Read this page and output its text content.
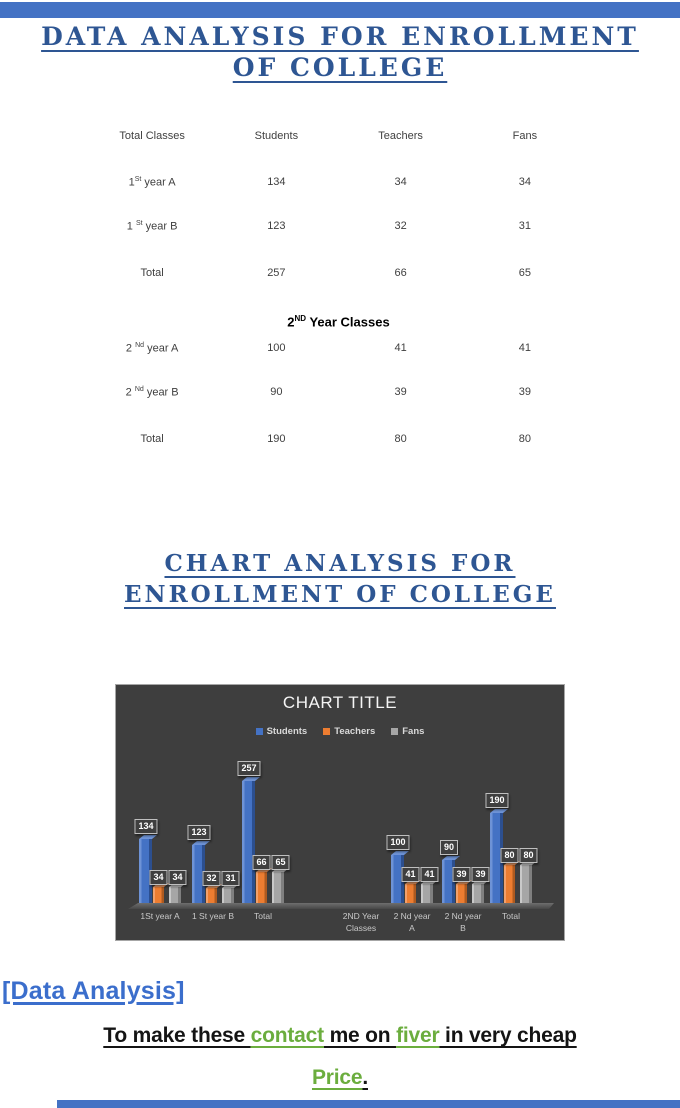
DATA ANALYSIS FOR ENROLLMENT
OF COLLEGE
Total Classes	Students	Teachers	Fans
1St year A	134	34	34
1 $^{St}$ year B	123	32	31
Total	257	66	65
2ND Year Classes
2 $^{Nd}$ year A	100	41	41
2 $^{Nd}$ year B	90	39	39
Total	190	80	80
CHART ANALYSIS FOR
ENROLLMENT OF COLLEGE
CHART TITLE
Students	Teachers	Fans
134
34	34
1St year A
123
32	31
1 St year B
257
66	65
Total	2ND Year
Classes
100
41	41
2 Nd year
A
90
39	39
2 Nd year
B
190
80	80
Total
[Data Analysis]
To make these contact me on fiver in very cheap
Price.
